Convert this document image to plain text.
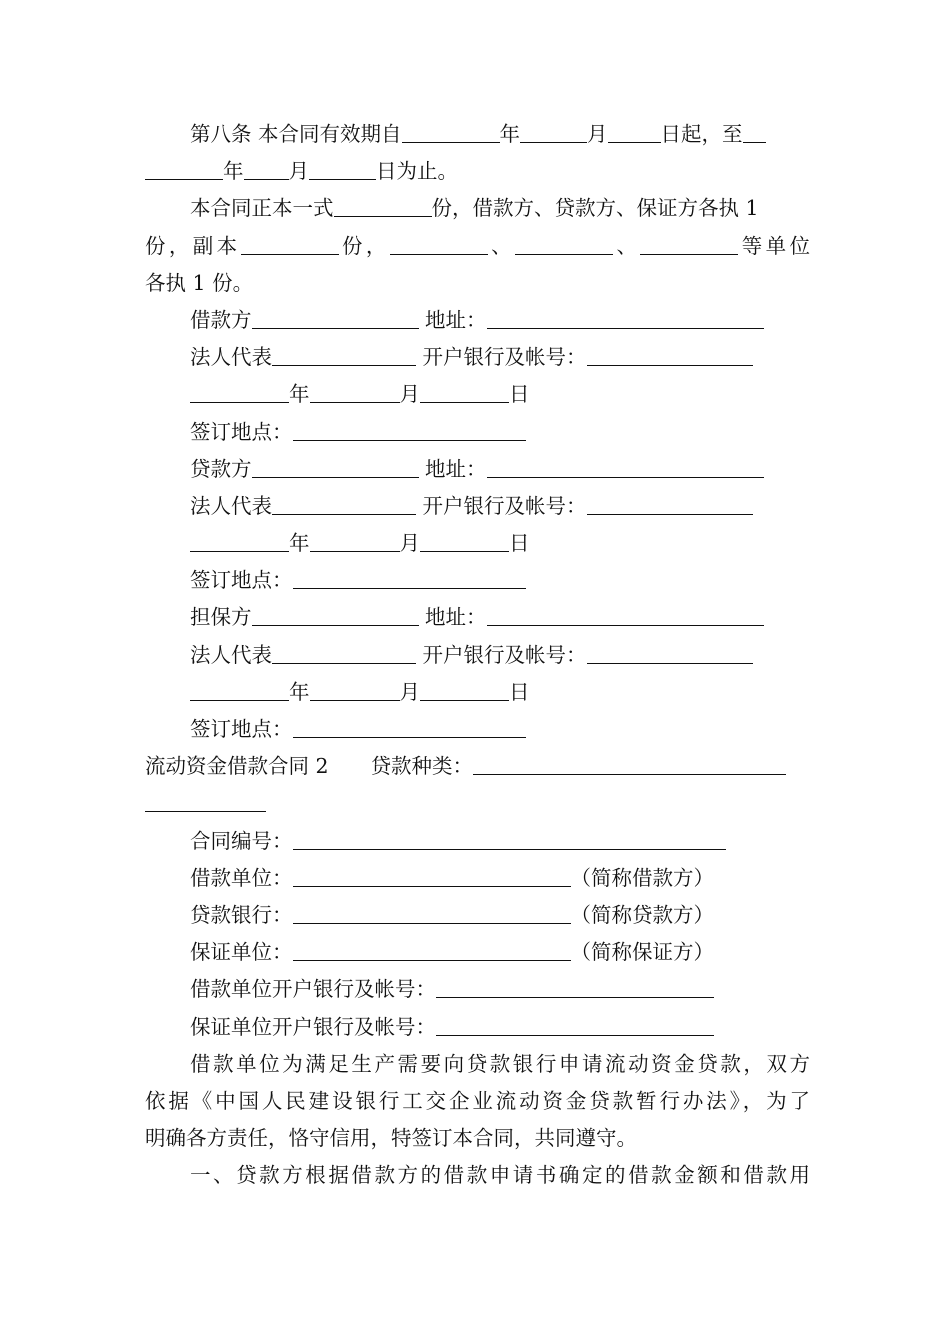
第八条 本合同有效期自	年	月	日起，至
年 月	日为止。
本合同正本一式	份，借款方、贷款方、保证方各执 1
份，副本	份，	、	、	等单位
各执 1 份。
借款方	地址：
法人代表	开户银行及帐号：
年	月	日
签订地点：
贷款方	地址：
法人代表	开户银行及帐号：
年	月	日
签订地点：
担保方	地址：
法人代表	开户银行及帐号：
年	月	日
签订地点：
流动资金借款合同 2 贷款种类：
合同编号：
借款单位：	（简称借款方）
贷款银行：	（简称贷款方）
保证单位：	（简称保证方）
借款单位开户银行及帐号：
保证单位开户银行及帐号：
借款单位为满足生产需要向贷款银行申请流动资金贷款，双方
依据《中国人民建设银行工交企业流动资金贷款暂行办法》，为了
明确各方责任，恪守信用，特签订本合同，共同遵守。
一、贷款方根据借款方的借款申请书确定的借款金额和借款用
